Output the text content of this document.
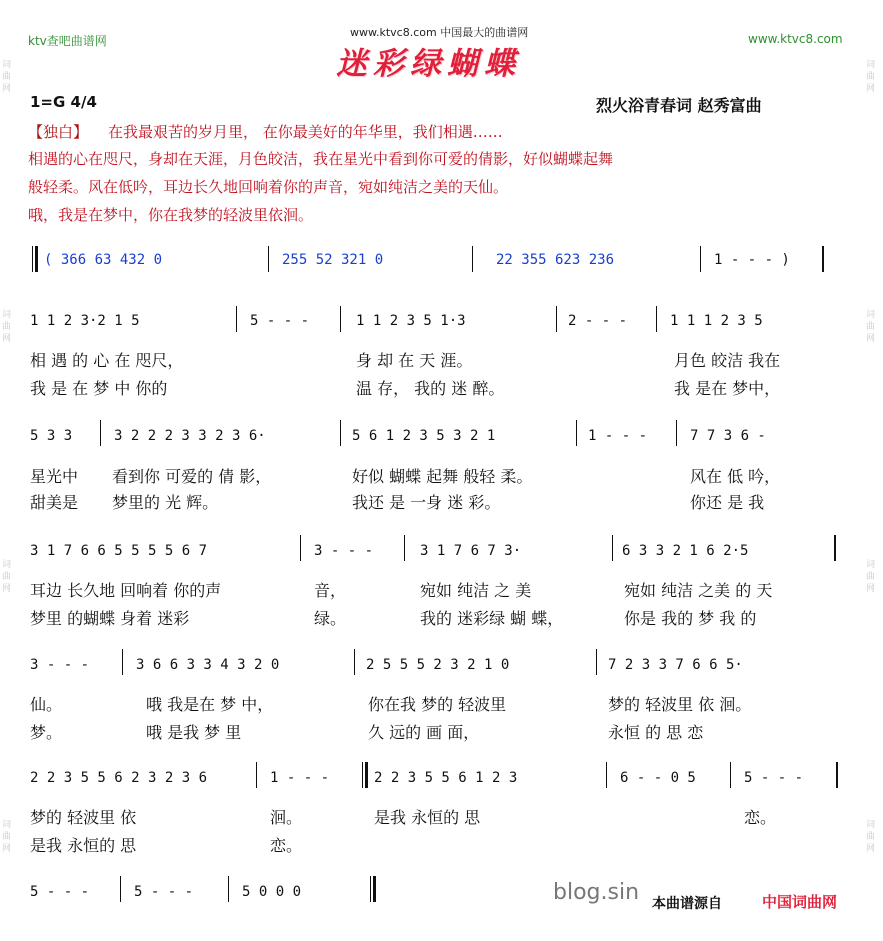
词
曲
网
词
曲
网
词
曲
网
词
曲
网
词
曲
网
词
曲
网
词
曲
网
词
曲
网
ktv查吧曲谱网
www.ktvc8.com 中国最大的曲谱网	www.ktvc8.com
迷彩绿蝴蝶
1=G 4/4	烈火浴青春词 赵秀富曲
【独白】 在我最艰苦的岁月里， 在你最美好的年华里，我们相遇……
相遇的心在咫尺，身却在天涯，月色皎洁，我在星光中看到你可爱的倩影，好似蝴蝶起舞
般轻柔。风在低吟，耳边长久地回响着你的声音，宛如纯洁之美的天仙。
哦，我是在梦中，你在我梦的轻波里依洄。
( 366 63 432 0	255 52 321 0	22 355 623 236	1 - - - )
1 1 2 3·2 1 5	5 - - -	1 1 2 3 5 1·3	2 - - -	1 1 1 2 3 5
相 遇 的 心 在 咫尺，	身 却 在 天 涯。	月色 皎洁 我在
我 是 在 梦 中 你的	温 存， 我的 迷 醉。	我 是在 梦中，
5 3 3	3 2 2 2 3 3 2 3 6·	5 6 1 2 3 5 3 2 1	1 - - -	7 7 3 6 -
星光中 看到你 可爱的 倩 影，	好似 蝴蝶 起舞 般轻 柔。	风在 低 吟，
甜美是 梦里的 光 辉。	我还 是 一身 迷 彩。	你还 是 我
3 1 7 6 6 5 5 5 5 6 7	3 - - -	3 1 7 6 7 3·	6 3 3 2 1 6 2·5
耳边 长久地 回响着 你的声	音，	宛如 纯洁 之 美	宛如 纯洁 之美 的 天
梦里 的蝴蝶 身着 迷彩	绿。	我的 迷彩绿 蝴 蝶，	你是 我的 梦 我 的
3 - - -	3 6 6 3 3 4 3 2 0	2 5 5 5 2 3 2 1 0	7 2 3 3 7 6 6 5·
仙。	哦 我是在 梦 中，	你在我 梦的 轻波里	梦的 轻波里 依 洄。
梦。	哦 是我 梦 里	久 远的 画 面，	永恒 的 思 恋
2 2 3 5 5 6 2 3 2 3 6	1 - - -	2 2 3 5 5 6 1 2 3	6 - - 0 5	5 - - -
梦的 轻波里 依	洄。	是我 永恒的 思	恋。
是我 永恒的 思	恋。
5 - - -	5 - - -	5 0 0 0	blog.sin 本曲谱源自	中国词曲网
